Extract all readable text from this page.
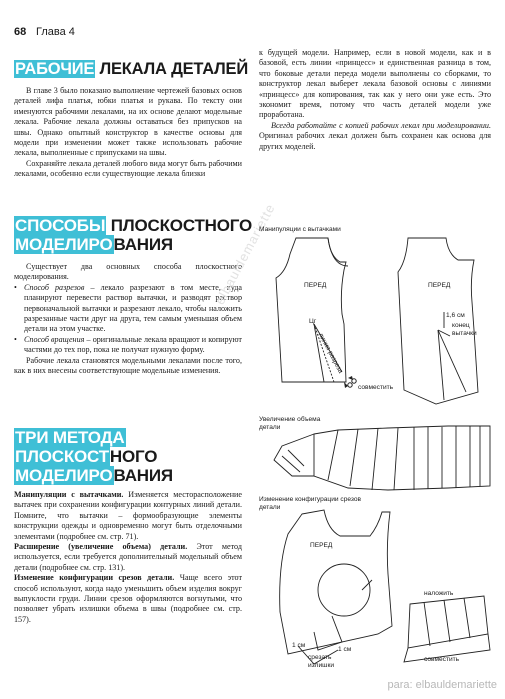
68 Глава 4
РАБОЧИЕ ЛЕКАЛА ДЕТАЛЕЙ

В главе 3 было показано выполнение чертежей базовых основ деталей лифа платья, юбки платья и рукава. По тексту они именуются рабочими лекалами, на их основе делают модельные лекала. Рабочие лекала должны оставаться без припусков на швы. Однако опытный конструктор в качестве основы для модели при изменении может также использовать рабочие лекала, выполненные с припусками на швы.

Сохраняйте лекала деталей любого вида могут быть рабочими лекалами, особенно если существующие лекала близки

к будущей модели. Например, если в новой модели, как и в базовой, есть линии «принцесс» и единственная разница в том, что боковые детали переда модели выполнены со сборками, то конструктор лекал выберет лекала базовой основы с линиями «принцесс» для копирования, так как у него они уже есть. Это экономит время, потому что часть деталей модели уже проработана.

Всегда работайте с копией рабочих лекал при моделировании. Оригинал рабочих лекал должен быть сохранен как основа для других моделей.

СПОСОБЫ ПЛОСКОСТНОГО
МОДЕЛИРОВАНИЯ

Существует два основных способа плоскостного моделирования.

• Способ разрезов – лекало разрезают в том месте, куда планируют перевести раствор вытачки, и разводят раствор первоначальной вытачки и разрезают лекало, чтобы наложить разрезанные части друг на друга, тем самым уменьшая объем детали на этом участке.

• Способ вращения – оригинальные лекала вращают и копируют частями до тех пор, пока не получат нужную форму.

Рабочие лекала становятся модельными лекалами после того, как в них внесены соответствующие модельные изменения.

ТРИ МЕТОДА
ПЛОСКОСТНОГО
МОДЕЛИРОВАНИЯ

Манипуляции с вытачками. Изменяется месторасположение вытачек при сохранении конфигурации контурных линий детали. Помните, что вытачки – формообразующие элементы конструкции одежды и одновременно могут быть отделочными элементами (подробнее см. стр. 71).

Расширение (увеличение объема) детали. Этот метод используется, если требуется дополнительный модельный объем детали (подробнее см. стр. 131).

Изменение конфигурации срезов детали. Чаще всего этот способ используют, когда надо уменьшить объем изделия вокруг выпуклости груди. Линии срезов оформляются вогнутыми, что позволяет убрать излишки объема в швы (подробнее см. стр. 157).

elbauldemariette
Манипуляции с вытачками
ПЕРЕД	ПЕРЕД
Цг
линия разреза
1,6 см
конец вытачки
совместить
Увеличение объема детали
Изменение конфигурации срезов детали
ПЕРЕД
наложить
1 см
1 см
срезать излишки
совместить
para: elbauldemariette
